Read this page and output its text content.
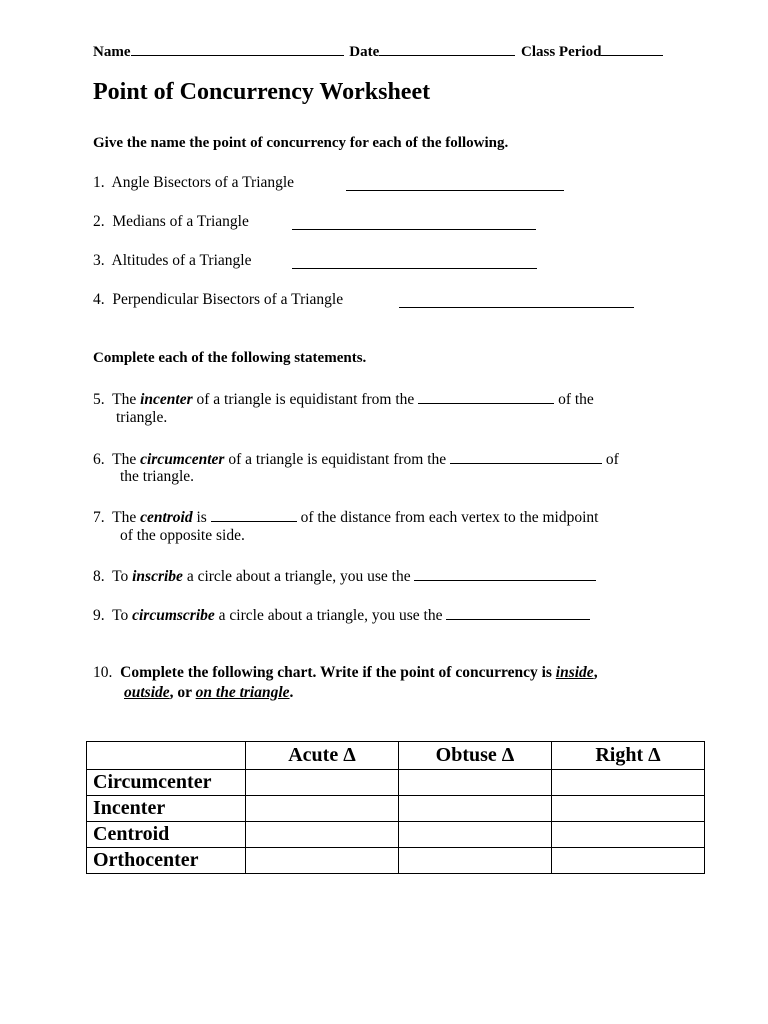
Name	Date	Class Period
Point of Concurrency Worksheet
Give the name the point of concurrency for each of the following.
1. Angle Bisectors of a Triangle
2. Medians of a Triangle
3. Altitudes of a Triangle
4. Perpendicular Bisectors of a Triangle
Complete each of the following statements.
5. The incenter of a triangle is equidistant from the	of the
triangle.
6. The circumcenter of a triangle is equidistant from the	of
the triangle.
7. The centroid is	of the distance from each vertex to the midpoint
of the opposite side.
8. To inscribe a circle about a triangle, you use the
9. To circumscribe a circle about a triangle, you use the
10. Complete the following chart. Write if the point of concurrency is inside,
outside, or on the triangle.
	Acute Δ	Obtuse Δ	Right Δ
Circumcenter			
Incenter			
Centroid			
Orthocenter			
